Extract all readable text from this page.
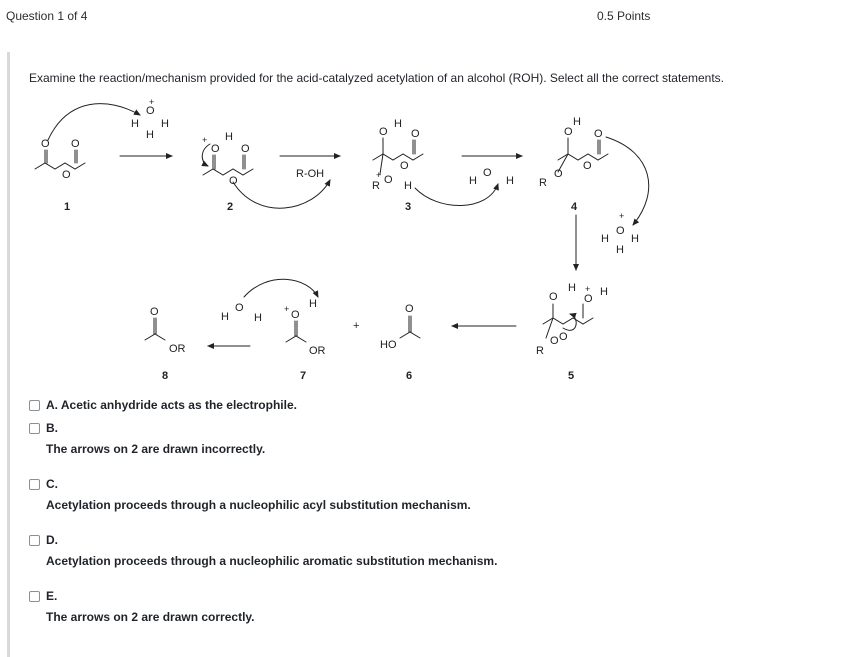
Question 1 of 4	0.5 Points
Examine the reaction/mechanism provided for the acid-catalyzed acetylation of an alcohol (ROH). Select all the correct statements.
O O
O
O
H H
H
+
O
H
+
O
O
R-OH
O
H
O
O
R O
+
H	H
O
H
O
H
O
O
R
O
O
H H
H
+
O
H
O
H
+
O
R
O
O
HO
+
O
+ H
OR
H
O
H
O
OR
1	2	3	4
5
6
7
8
A. Acetic anhydride acts as the electrophile.
B.
The arrows on 2 are drawn incorrectly.
C.
Acetylation proceeds through a nucleophilic acyl substitution mechanism.
D.
Acetylation proceeds through a nucleophilic aromatic substitution mechanism.
E.
The arrows on 2 are drawn correctly.
